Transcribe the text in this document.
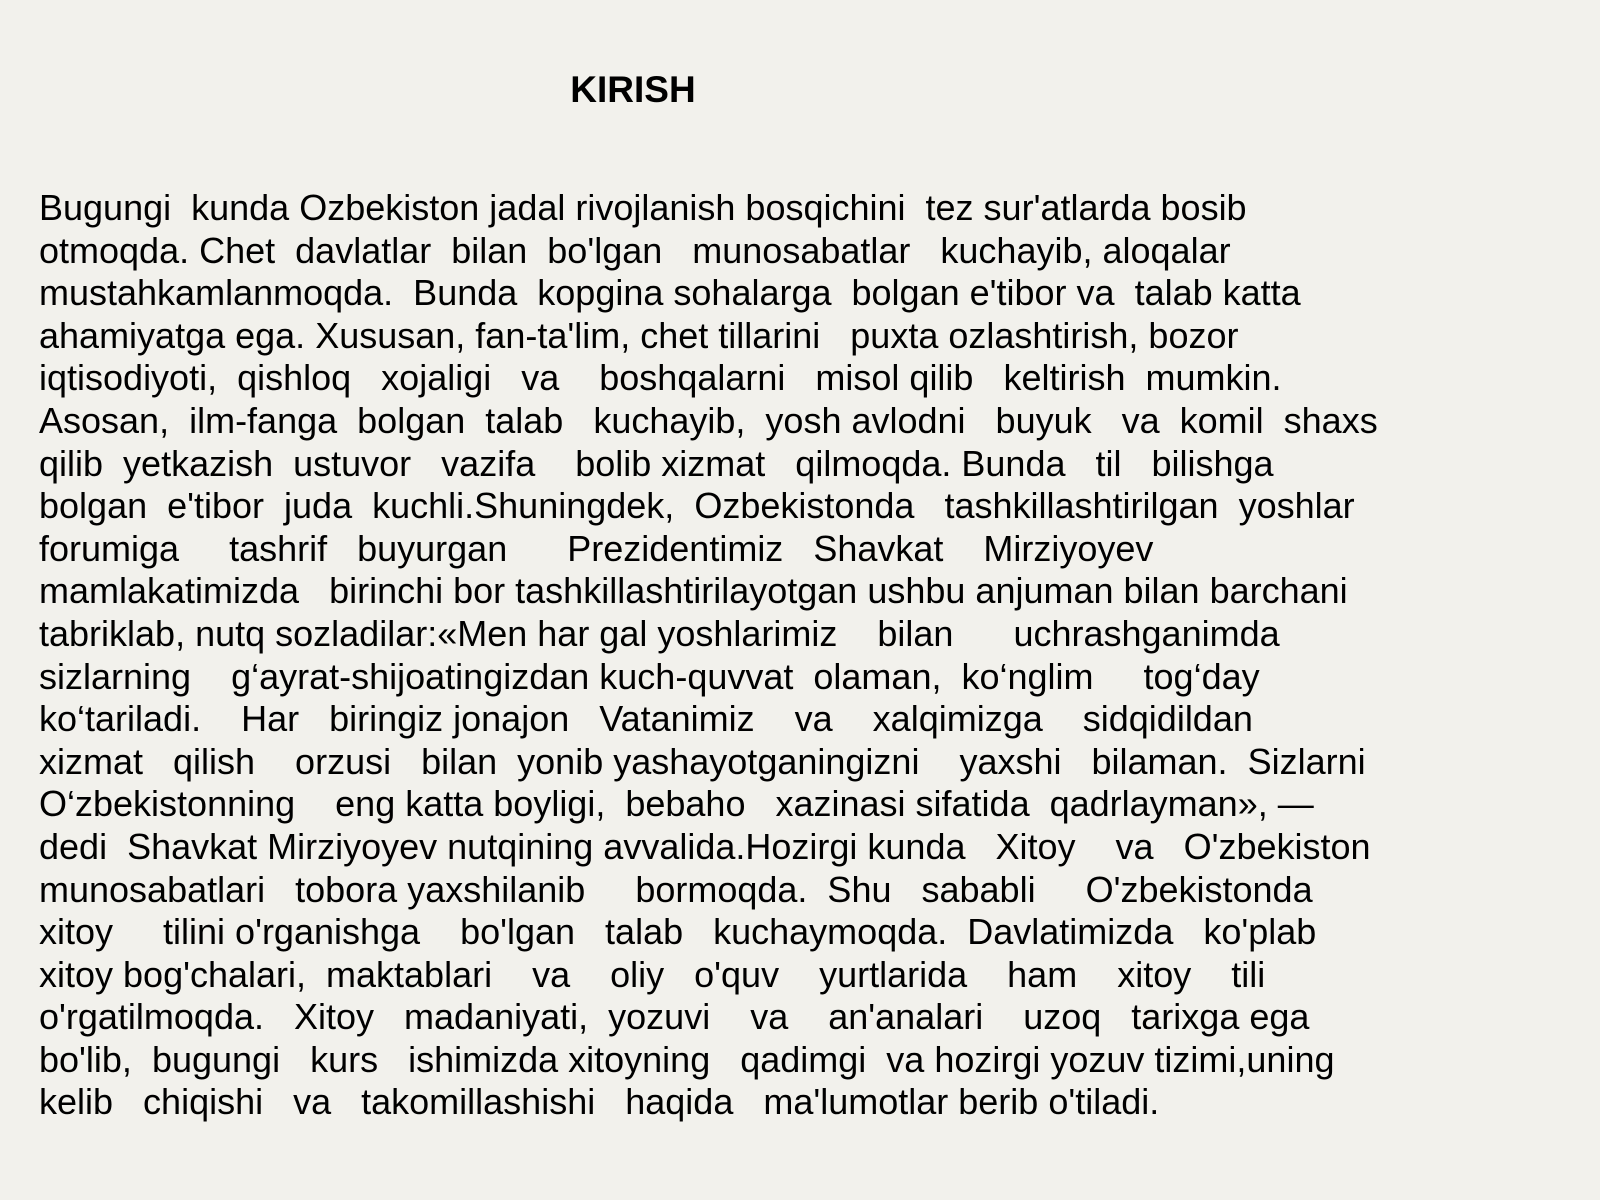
KIRISH
Bugungi  kunda Ozbekiston jadal rivojlanish bosqichini  tez sur'atlarda bosib
otmoqda. Chet  davlatlar  bilan  bo'lgan   munosabatlar   kuchayib, aloqalar
mustahkamlanmoqda.  Bunda  kopgina sohalarga  bolgan e'tibor va  talab katta
ahamiyatga ega. Xususan, fan-ta'lim, chet tillarini   puxta ozlashtirish, bozor
iqtisodiyoti,  qishloq   xojaligi   va    boshqalarni   misol qilib   keltirish  mumkin.
Asosan,  ilm-fanga  bolgan  talab   kuchayib,  yosh avlodni   buyuk   va  komil  shaxs
qilib  yetkazish  ustuvor   vazifa    bolib xizmat   qilmoqda. Bunda   til   bilishga
bolgan  e'tibor  juda  kuchli.Shuningdek,  Ozbekistonda   tashkillashtirilgan  yoshlar
forumiga     tashrif   buyurgan      Prezidentimiz   Shavkat    Mirziyoyev
mamlakatimizda   birinchi bor tashkillashtirilayotgan ushbu anjuman bilan barchani
tabriklab, nutq sozladilar:«Men har gal yoshlarimiz    bilan      uchrashganimda
sizlarning    g‘ayrat-shijoatingizdan kuch-quvvat  olaman,  ko‘nglim     tog‘day
ko‘tariladi.    Har   biringiz jonajon   Vatanimiz    va    xalqimizga    sidqidildan
xizmat   qilish    orzusi   bilan  yonib yashayotganingizni    yaxshi   bilaman.  Sizlarni
O‘zbekistonning    eng katta boyligi,  bebaho   xazinasi sifatida  qadrlayman», —
dedi  Shavkat Mirziyoyev nutqining avvalida.Hozirgi kunda   Xitoy    va   O'zbekiston
munosabatlari   tobora yaxshilanib     bormoqda.  Shu   sababli     O'zbekistonda
xitoy     tilini o'rganishga    bo'lgan   talab   kuchaymoqda.  Davlatimizda   ko'plab
xitoy bog'chalari,  maktablari    va    oliy   o'quv    yurtlarida    ham    xitoy    tili
o'rgatilmoqda.   Xitoy   madaniyati,  yozuvi    va    an'analari    uzoq   tarixga ega
bo'lib,  bugungi   kurs   ishimizda xitoyning   qadimgi  va hozirgi yozuv tizimi,uning
kelib   chiqishi   va   takomillashishi   haqida   ma'lumotlar berib o'tiladi.
